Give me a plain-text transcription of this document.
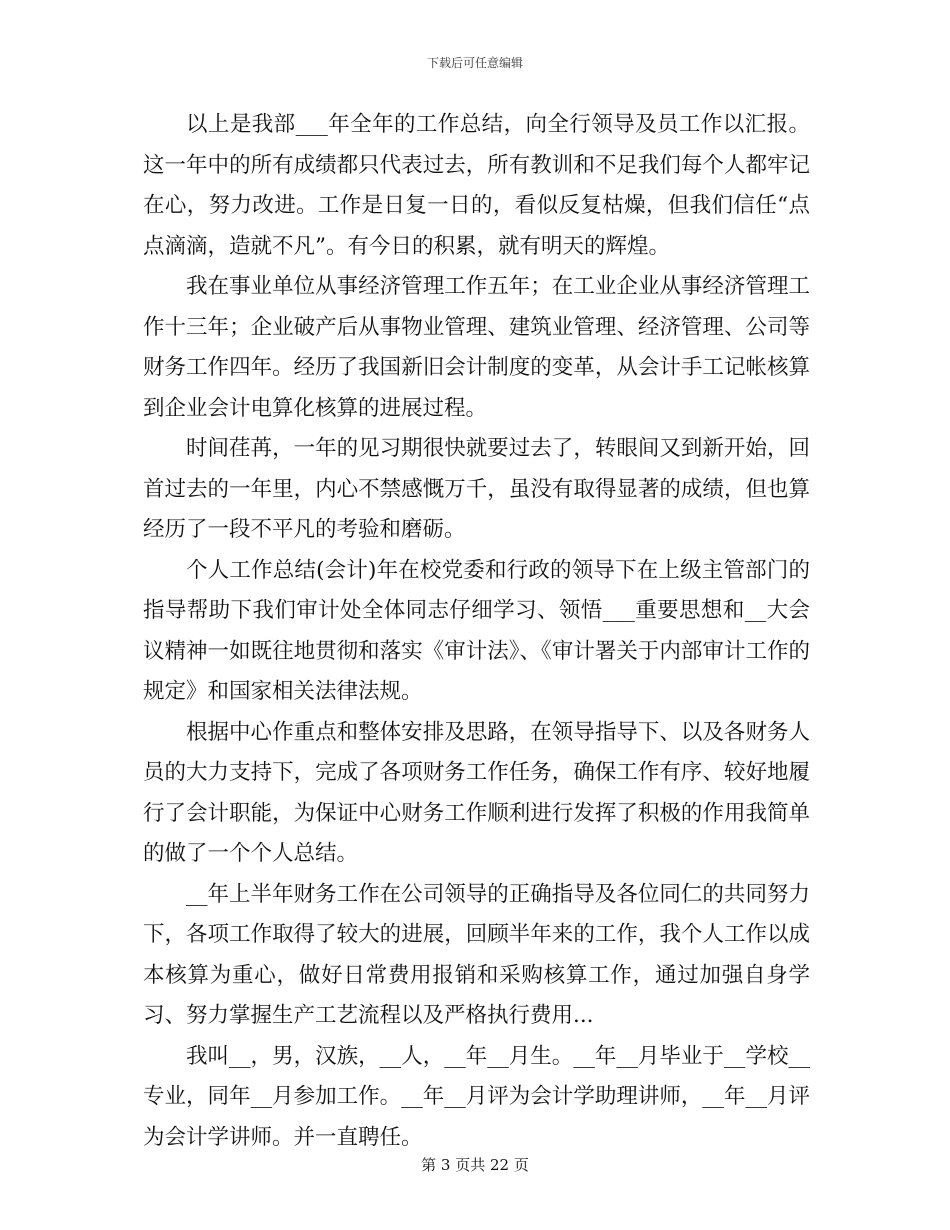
下载后可任意编辑

以上是我部___年全年的工作总结，向全行领导及员工作以汇报。这一年中的所有成绩都只代表过去，所有教训和不足我们每个人都牢记在心，努力改进。工作是日复一日的，看似反复枯燥，但我们信任“点点滴滴，造就不凡”。有今日的积累，就有明天的辉煌。

我在事业单位从事经济管理工作五年；在工业企业从事经济管理工作十三年；企业破产后从事物业管理、建筑业管理、经济管理、公司等财务工作四年。经历了我国新旧会计制度的变革，从会计手工记帐核算到企业会计电算化核算的进展过程。

时间荏苒，一年的见习期很快就要过去了，转眼间又到新开始，回首过去的一年里，内心不禁感慨万千，虽没有取得显著的成绩，但也算经历了一段不平凡的考验和磨砺。

个人工作总结(会计)年在校党委和行政的领导下在上级主管部门的指导帮助下我们审计处全体同志仔细学习、领悟___重要思想和__大会议精神一如既往地贯彻和落实《审计法》、《审计署关于内部审计工作的规定》和国家相关法律法规。

根据中心作重点和整体安排及思路，在领导指导下、以及各财务人员的大力支持下，完成了各项财务工作任务，确保工作有序、较好地履行了会计职能，为保证中心财务工作顺利进行发挥了积极的作用我简单的做了一个个人总结。

__年上半年财务工作在公司领导的正确指导及各位同仁的共同努力下，各项工作取得了较大的进展，回顾半年来的工作，我个人工作以成本核算为重心，做好日常费用报销和采购核算工作，通过加强自身学习、努力掌握生产工艺流程以及严格执行费用...

我叫__，男，汉族，__人，__年__月生。__年__月毕业于__学校__专业，同年__月参加工作。__年__月评为会计学助理讲师，__年__月评为会计学讲师。并一直聘任。

第 3 页共 22 页
